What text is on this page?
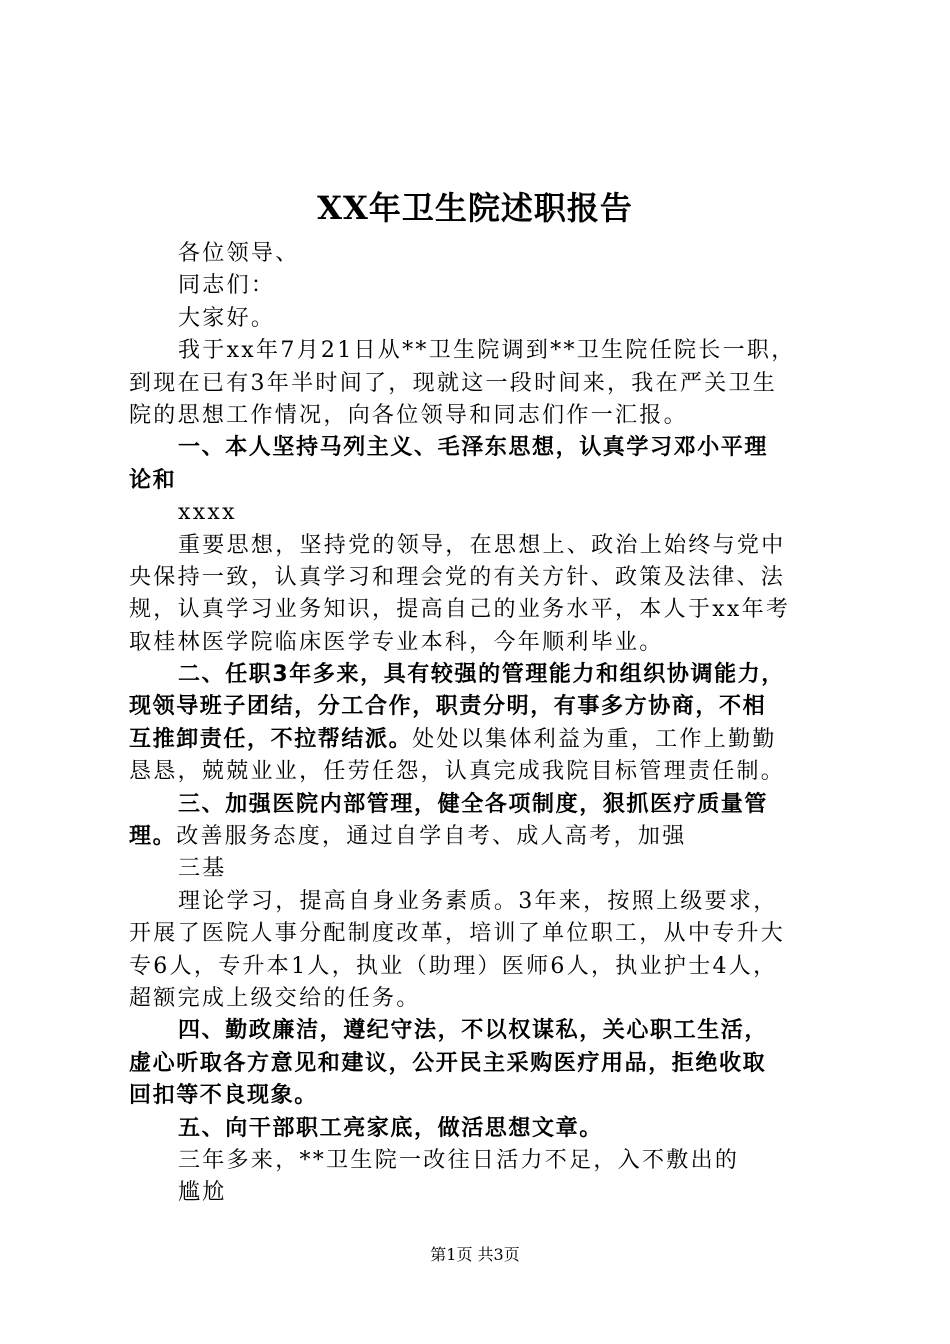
XX年卫生院述职报告
各位领导、
同志们：
大家好。
我于xx年7月21日从**卫生院调到**卫生院任院长一职，
到现在已有3年半时间了，现就这一段时间来，我在严关卫生
院的思想工作情况，向各位领导和同志们作一汇报。
一、本人坚持马列主义、毛泽东思想，认真学习邓小平理
论和
xxxx
重要思想，坚持党的领导，在思想上、政治上始终与党中
央保持一致，认真学习和理会党的有关方针、政策及法律、法
规，认真学习业务知识，提高自己的业务水平，本人于xx年考
取桂林医学院临床医学专业本科，今年顺利毕业。
二、任职3年多来，具有较强的管理能力和组织协调能力，
现领导班子团结，分工合作，职责分明，有事多方协商，不相
互推卸责任，不拉帮结派。处处以集体利益为重，工作上勤勤
恳恳，兢兢业业，任劳任怨，认真完成我院目标管理责任制。
三、加强医院内部管理，健全各项制度，狠抓医疗质量管
理。改善服务态度，通过自学自考、成人高考，加强
三基
理论学习，提高自身业务素质。3年来，按照上级要求，
开展了医院人事分配制度改革，培训了单位职工，从中专升大
专6人，专升本1人，执业（助理）医师6人，执业护士4人，
超额完成上级交给的任务。
四、勤政廉洁，遵纪守法，不以权谋私，关心职工生活，
虚心听取各方意见和建议，公开民主采购医疗用品，拒绝收取
回扣等不良现象。
五、向干部职工亮家底，做活思想文章。
三年多来，**卫生院一改往日活力不足，入不敷出的
尴尬
第1页 共3页
